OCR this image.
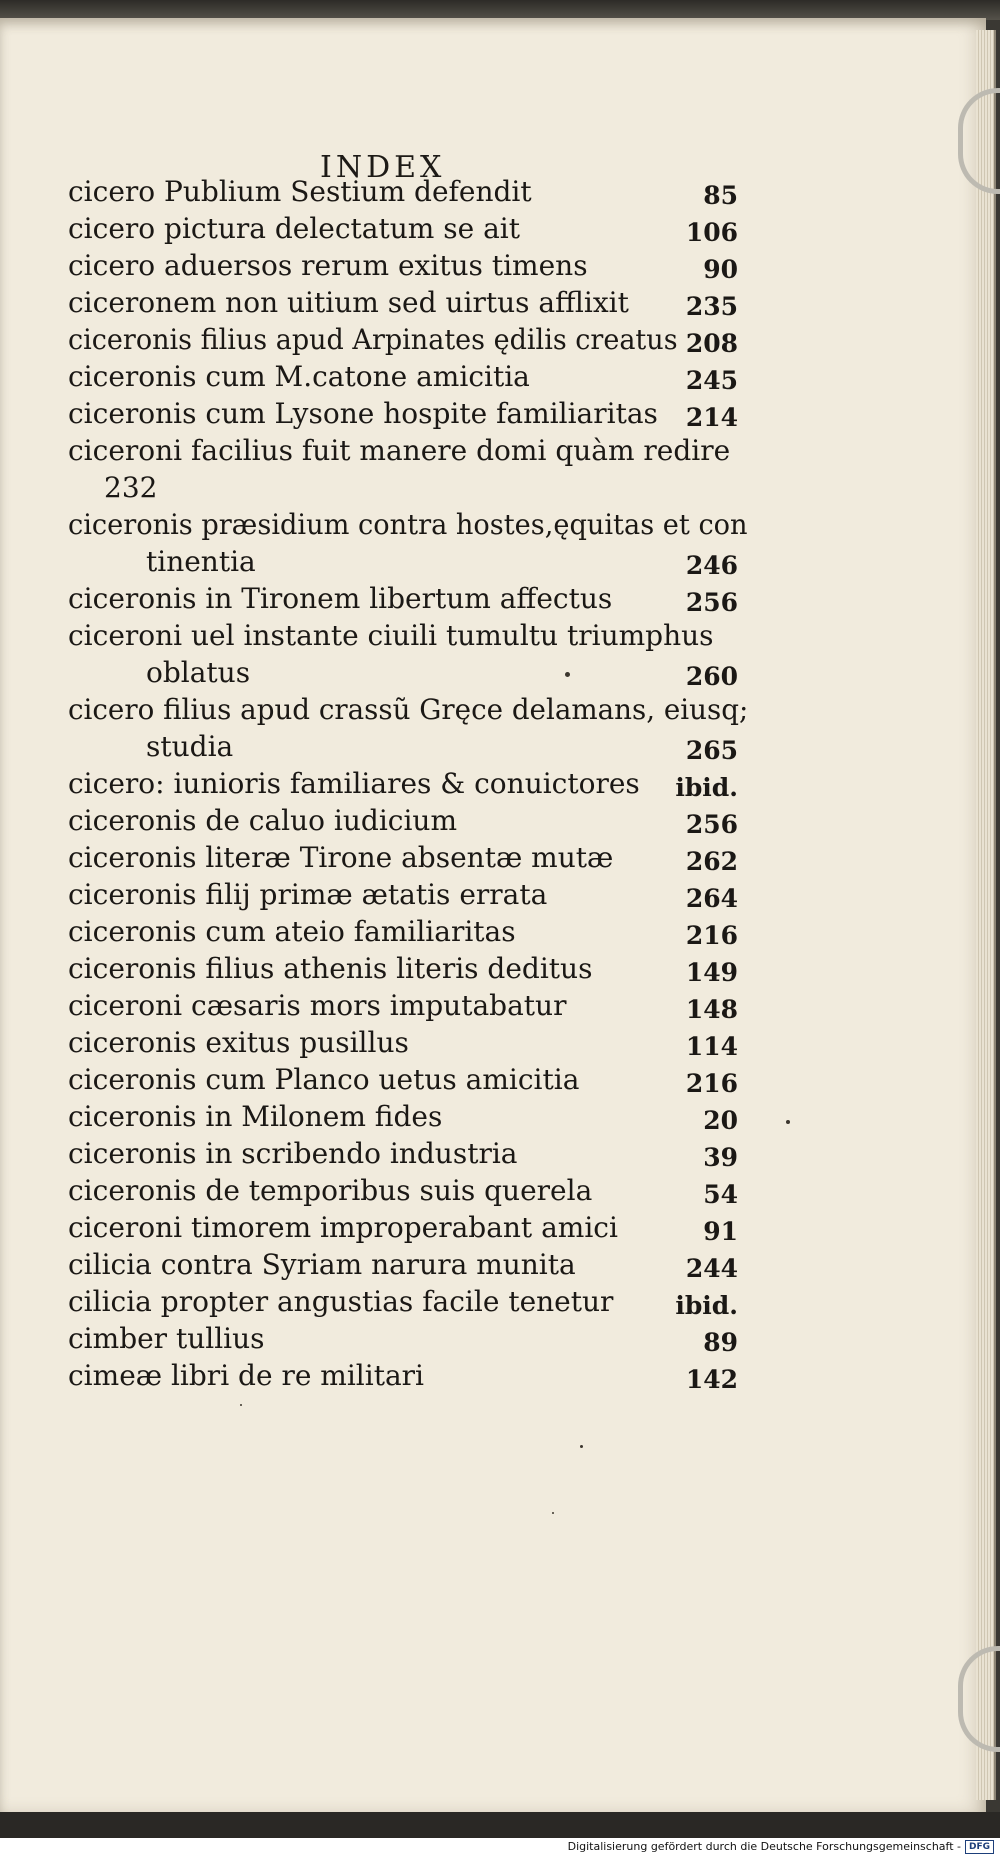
INDEX
cicero Publium Sestium defendit	85
cicero pictura delectatum se ait	106
cicero aduersos rerum exitus timens	90
ciceronem non uitium sed uirtus afflixit	235
ciceronis filius apud Arpinates ędilis creatus 208
ciceronis cum M.catone amicitia	245
ciceronis cum Lysone hospite familiaritas	214
ciceroni facilius fuit manere domi quàm redire
232
ciceronis præsidium contra hostes,ęquitas et con
tinentia	246
ciceronis in Tironem libertum affectus	256
ciceroni uel instante ciuili tumultu triumphus
oblatus	260
cicero filius apud crassũ Gręce delamans, eiusq;
studia	265
cicero: iunioris familiares & conuictores	ibid.
ciceronis de caluo iudicium	256
ciceronis literæ Tirone absentæ mutæ	262
ciceronis filij primæ ætatis errata	264
ciceronis cum ateio familiaritas	216
ciceronis filius athenis literis deditus	149
ciceroni cæsaris mors imputabatur	148
ciceronis exitus pusillus	114
ciceronis cum Planco uetus amicitia	216
ciceronis in Milonem fides	20
ciceronis in scribendo industria	39
ciceronis de temporibus suis querela	54
ciceroni timorem improperabant amici	91
cilicia contra Syriam narura munita	244
cilicia propter angustias facile tenetur	ibid.
cimber tullius	89
cimeæ libri de re militari	142
Digitalisierung gefördert durch die Deutsche Forschungsgemeinschaft - DFG
